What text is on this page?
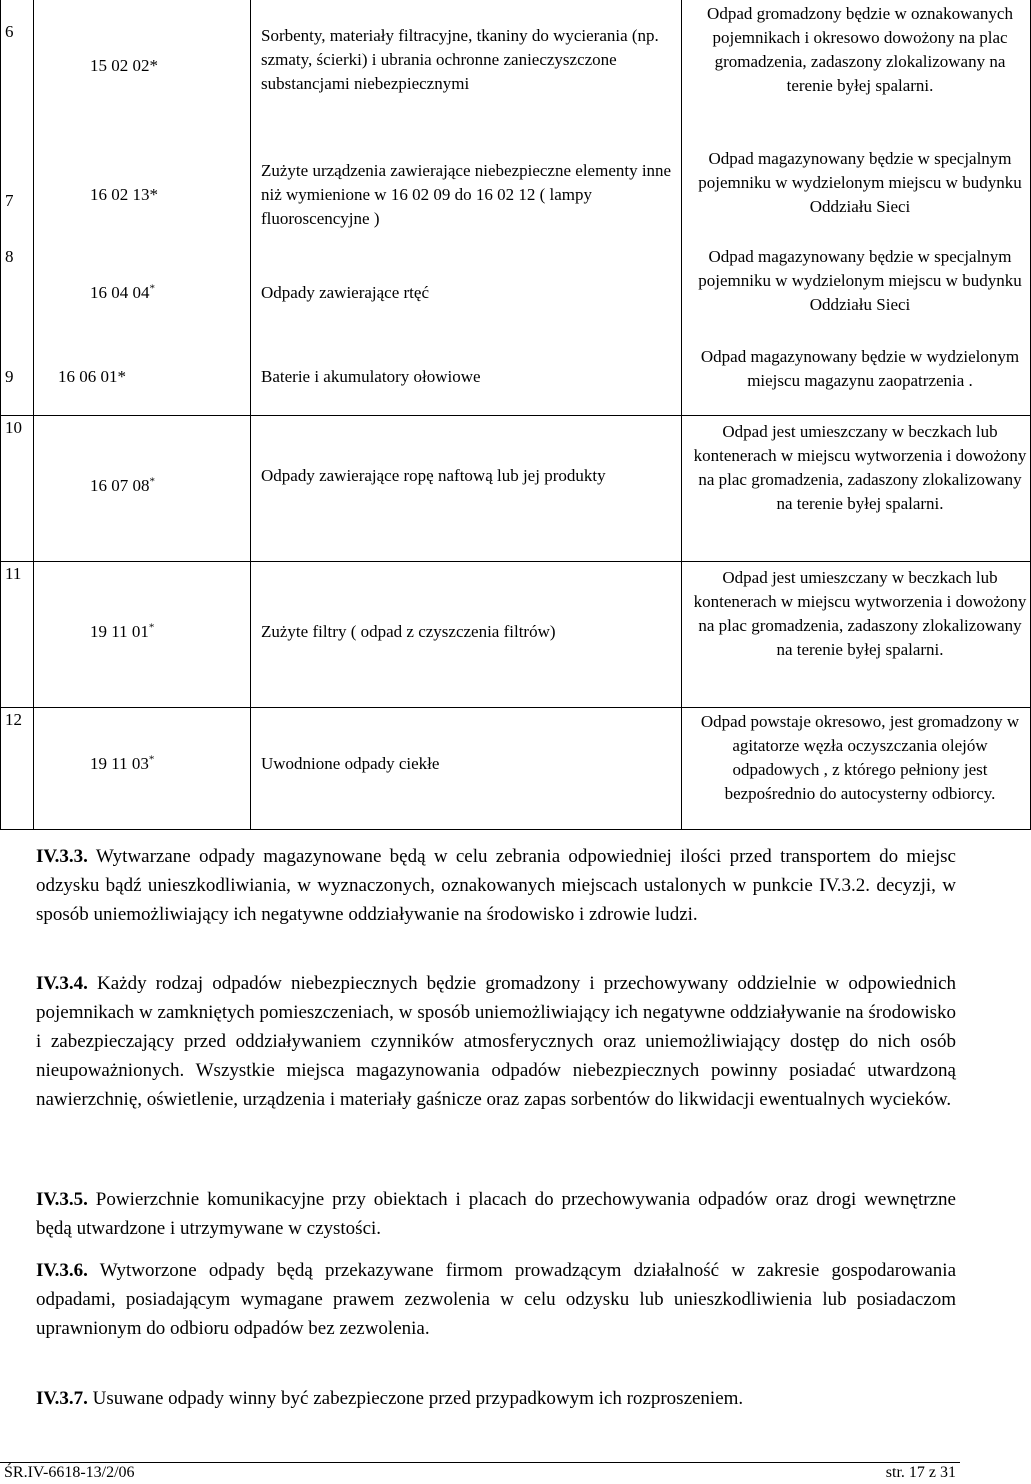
6	15 02 02*	Sorbenty, materiały filtracyjne, tkaniny do wycierania (np. szmaty, ścierki) i ubrania ochronne zanieczyszczone substancjami niebezpiecznymi	Odpad gromadzony będzie w oznakowanych pojemnikach i okresowo dowożony na plac gromadzenia, zadaszony zlokalizowany na terenie byłej spalarni.
7	16 02 13*	Zużyte urządzenia zawierające niebezpieczne elementy inne niż wymienione w 16 02 09 do 16 02 12 ( lampy fluoroscencyjne )	Odpad magazynowany będzie w specjalnym pojemniku w wydzielonym miejscu w budynku Oddziału Sieci
8	16 04 04*	Odpady zawierające rtęć	Odpad magazynowany będzie w specjalnym pojemniku w wydzielonym miejscu w budynku Oddziału Sieci
9	16 06 01*	Baterie i akumulatory ołowiowe	Odpad magazynowany będzie w wydzielonym miejscu magazynu zaopatrzenia .
10	16 07 08*	Odpady zawierające ropę naftową lub jej produkty	Odpad jest umieszczany w beczkach lub kontenerach w miejscu wytworzenia i dowożony na plac gromadzenia, zadaszony zlokalizowany na terenie byłej spalarni.
11	19 11 01*	Zużyte filtry ( odpad z czyszczenia filtrów)	Odpad jest umieszczany w beczkach lub kontenerach w miejscu wytworzenia i dowożony na plac gromadzenia, zadaszony zlokalizowany na terenie byłej spalarni.
12	19 11 03*	Uwodnione odpady ciekłe	Odpad powstaje okresowo, jest gromadzony w agitatorze węzła oczyszczania olejów odpadowych , z którego pełniony jest bezpośrednio do autocysterny odbiorcy.
IV.3.3. Wytwarzane odpady magazynowane będą w celu zebrania odpowiedniej ilości przed transportem do miejsc odzysku bądź unieszkodliwiania, w wyznaczonych, oznakowanych miejscach ustalonych w punkcie IV.3.2. decyzji, w sposób uniemożliwiający ich negatywne oddziaływanie na środowisko i zdrowie ludzi.
IV.3.4. Każdy rodzaj odpadów niebezpiecznych będzie gromadzony i przechowywany oddzielnie w odpowiednich pojemnikach w zamkniętych pomieszczeniach, w sposób uniemożliwiający ich negatywne oddziaływanie na środowisko i zabezpieczający przed oddziaływaniem czynników atmosferycznych oraz uniemożliwiający dostęp do nich osób nieupoważnionych. Wszystkie miejsca magazynowania odpadów niebezpiecznych powinny posiadać utwardzoną nawierzchnię, oświetlenie, urządzenia i materiały gaśnicze oraz zapas sorbentów do likwidacji ewentualnych wycieków.
IV.3.5. Powierzchnie komunikacyjne przy obiektach i placach do przechowywania odpadów oraz drogi wewnętrzne będą utwardzone i utrzymywane w czystości.
IV.3.6. Wytworzone odpady będą przekazywane firmom prowadzącym działalność w zakresie gospodarowania odpadami, posiadającym wymagane prawem zezwolenia w celu odzysku lub unieszkodliwienia lub posiadaczom uprawnionym do odbioru odpadów bez zezwolenia.
IV.3.7. Usuwane odpady winny być zabezpieczone przed przypadkowym ich rozproszeniem.
ŚR.IV-6618-13/2/06	str. 17 z 31
